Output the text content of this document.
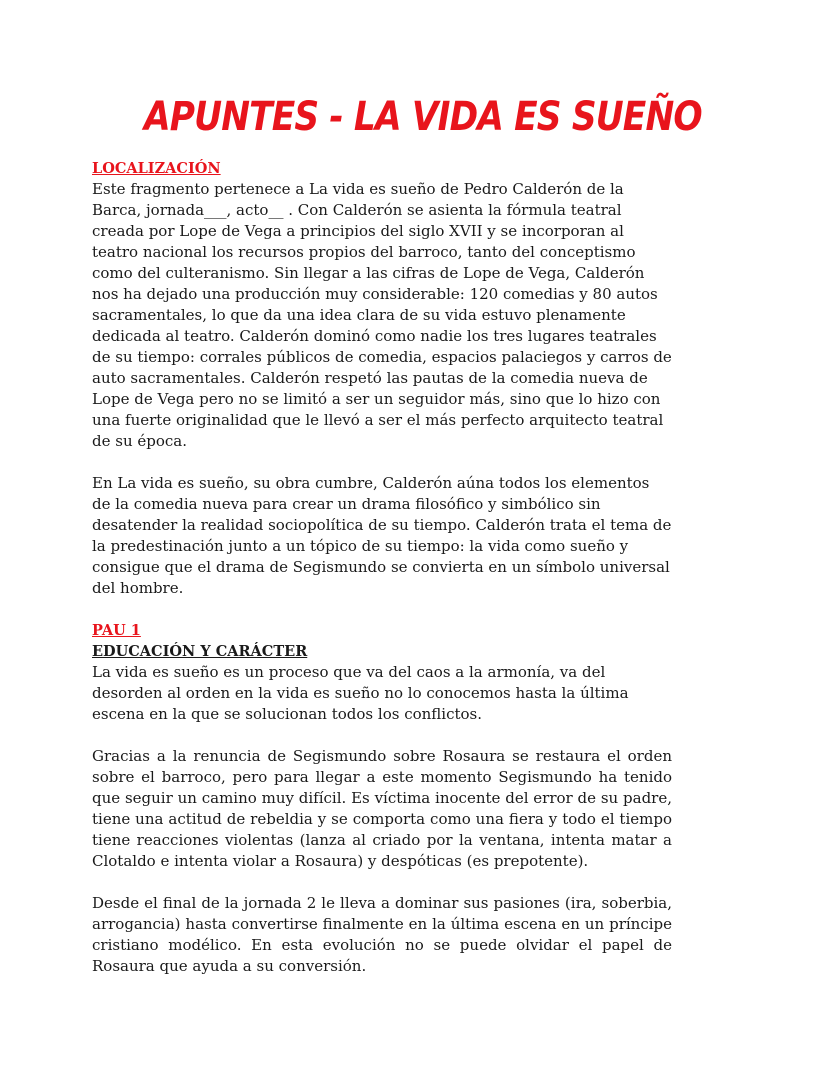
APUNTES - LA VIDA ES SUEÑO
LOCALIZACIÓN

Este fragmento pertenece a La vida es sueño de Pedro Calderón de la Barca, jornada___, acto__ . Con Calderón se asienta la fórmula teatral creada por Lope de Vega a principios del siglo XVII y se incorporan al teatro nacional los recursos propios del barroco, tanto del conceptismo como del culteranismo. Sin llegar a las cifras de Lope de Vega, Calderón nos ha dejado una producción muy considerable: 120 comedias y 80 autos sacramentales, lo que da una idea clara de su vida estuvo plenamente dedicada al teatro. Calderón dominó como nadie los tres lugares teatrales de su tiempo: corrales públicos de comedia, espacios palaciegos y carros de auto sacramentales. Calderón respetó las pautas de la comedia nueva de Lope de Vega pero no se limitó a ser un seguidor más, sino que lo hizo con una fuerte originalidad que le llevó a ser el más perfecto arquitecto teatral de su época.

En La vida es sueño, su obra cumbre, Calderón aúna todos los elementos de la comedia nueva para crear un drama filosófico y simbólico sin desatender la realidad sociopolítica de su tiempo. Calderón trata el tema de la predestinación junto a un tópico de su tiempo: la vida como sueño y consigue que el drama de Segismundo se convierta en un símbolo universal del hombre.

PAU 1
EDUCACIÓN Y CARÁCTER

La vida es sueño es un proceso que va del caos a la armonía, va del desorden al orden en la vida es sueño no lo conocemos hasta la última escena en la que se solucionan todos los conflictos.

Gracias a la renuncia de Segismundo sobre Rosaura se restaura el orden sobre el barroco, pero para llegar a este momento Segismundo ha tenido que seguir un camino muy difícil. Es víctima inocente del error de su padre, tiene una actitud de rebeldia y se comporta como una fiera y todo el tiempo tiene reacciones violentas (lanza al criado por la ventana, intenta matar a Clotaldo e intenta violar a Rosaura) y despóticas (es prepotente).

Desde el final de la jornada 2 le lleva a dominar sus pasiones (ira, soberbia, arrogancia) hasta convertirse finalmente en la última escena en un príncipe cristiano modélico. En esta evolución no se puede olvidar el papel de Rosaura que ayuda a su conversión.
